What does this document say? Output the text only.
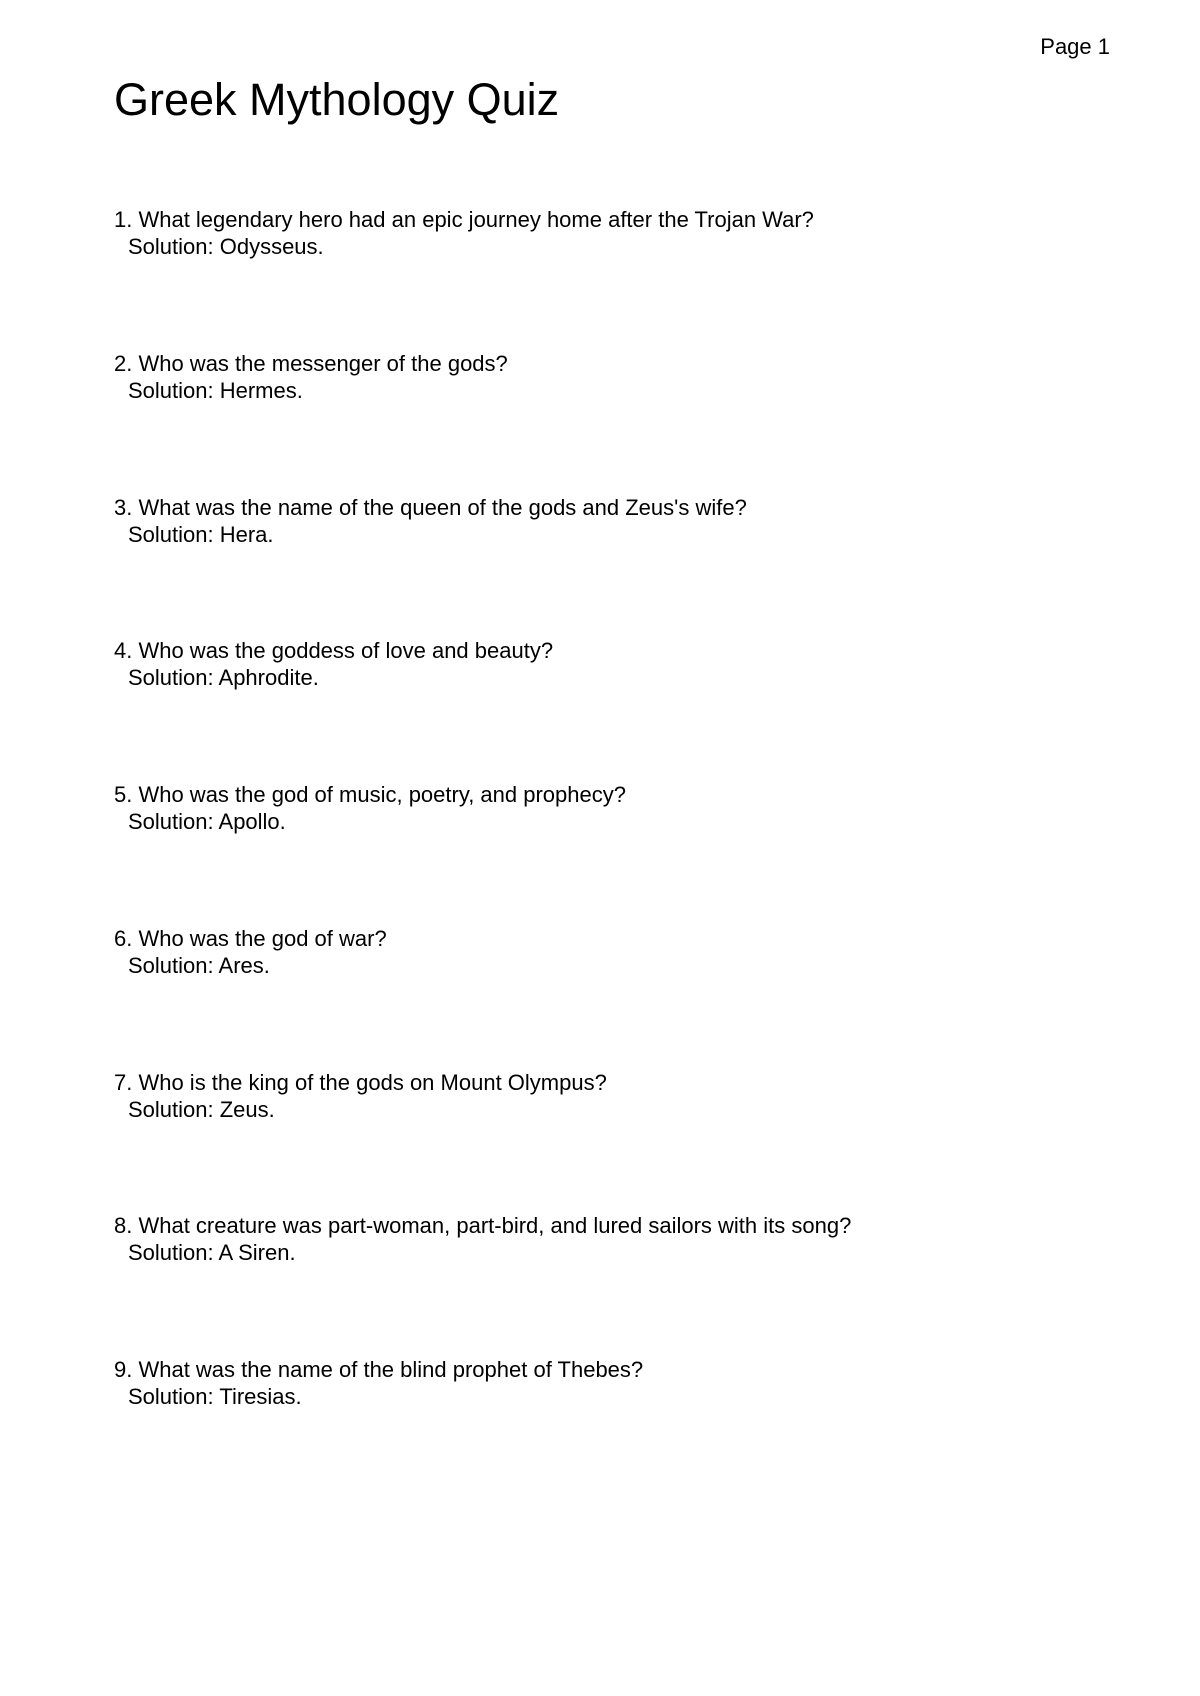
Page 1
Greek Mythology Quiz
1. What legendary hero had an epic journey home after the Trojan War?
Solution: Odysseus.
2. Who was the messenger of the gods?
Solution: Hermes.
3. What was the name of the queen of the gods and Zeus's wife?
Solution: Hera.
4. Who was the goddess of love and beauty?
Solution: Aphrodite.
5. Who was the god of music, poetry, and prophecy?
Solution: Apollo.
6. Who was the god of war?
Solution: Ares.
7. Who is the king of the gods on Mount Olympus?
Solution: Zeus.
8. What creature was part-woman, part-bird, and lured sailors with its song?
Solution: A Siren.
9. What was the name of the blind prophet of Thebes?
Solution: Tiresias.
